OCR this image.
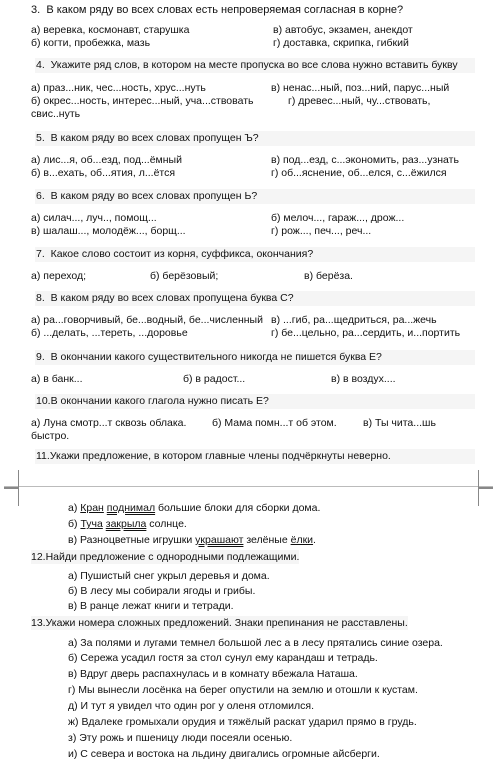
3. В каком ряду во всех словах есть непроверяемая согласная в корне?
а) веревка, космонавт, старушка	в) автобус, экзамен, анекдот
б) когти, пробежка, мазь	г) доставка, скрипка, гибкий
4. Укажите ряд слов, в котором на месте пропуска во все слова нужно вставить букву
а) праз...ник, чес...ность, хрус...нуть	в) ненас...ный, поз...ний, парус...ный
б) окрес...ность, интерес...ный, уча...ствовать	г) древес...ный, чу...ствовать,
свис..нуть
5. В каком ряду во всех словах пропущен Ъ?
а) лис...я, об...езд, под...ёмный	в) под...езд, с...экономить, раз...узнать
б) в...ехать, об...ятия, л...ётся	г) об...яснение, об...елся, с...ёжился
6. В каком ряду во всех словах пропущен Ь?
а) силач..., луч.., помощ...	б) мелоч..., гараж..., дрож...
в) шалаш..., молодёж..., борщ...	г) рож..., печ..., реч...
7. Какое слово состоит из корня, суффикса, окончания?
а) переход;	б) берёзовый;	в) берёза.
8. В каком ряду во всех словах пропущена буква С?
а) ра...говорчивый, бе...водный, бе...численный в) ...гиб, ра...щедриться, ра...жечь
б) ...делать, ...тереть, ...доровье	г) бе...цельно, ра...сердить, и...портить
9. В окончании какого существительного никогда не пишется буква Е?
а) в банк...	б) в радост...	в) в воздух....
10.В окончании какого глагола нужно писать Е?
а) Луна смотр...т сквозь облака. б) Мама помн...т об этом.	в) Ты чита...шь
быстро.
11.Укажи предложение, в котором главные члены подчёркнуты неверно.
а) Кран поднимал большие блоки для сборки дома.
б) Туча закрыла солнце.
в) Разноцветные игрушки украшают зелёные ёлки.
12.Найди предложение с однородными подлежащими.
а) Пушистый снег укрыл деревья и дома.
б) В лесу мы собирали ягоды и грибы.
в) В ранце лежат книги и тетради.
13.Укажи номера сложных предложений. Знаки препинания не расставлены.
а) За полями и лугами темнел большой лес а в лесу прятались синие озера.
б) Сережа усадил гостя за стол сунул ему карандаш и тетрадь.
в) Вдруг дверь распахнулась и в комнату вбежала Наташа.
г) Мы вынесли лосёнка на берег опустили на землю и отошли к кустам.
д) И тут я увидел что один рог у оленя отломился.
ж) Вдалеке громыхали орудия и тяжёлый раскат ударил прямо в грудь.
з) Эту рожь и пшеницу люди посеяли осенью.
и) С севера и востока на льдину двигались огромные айсберги.
